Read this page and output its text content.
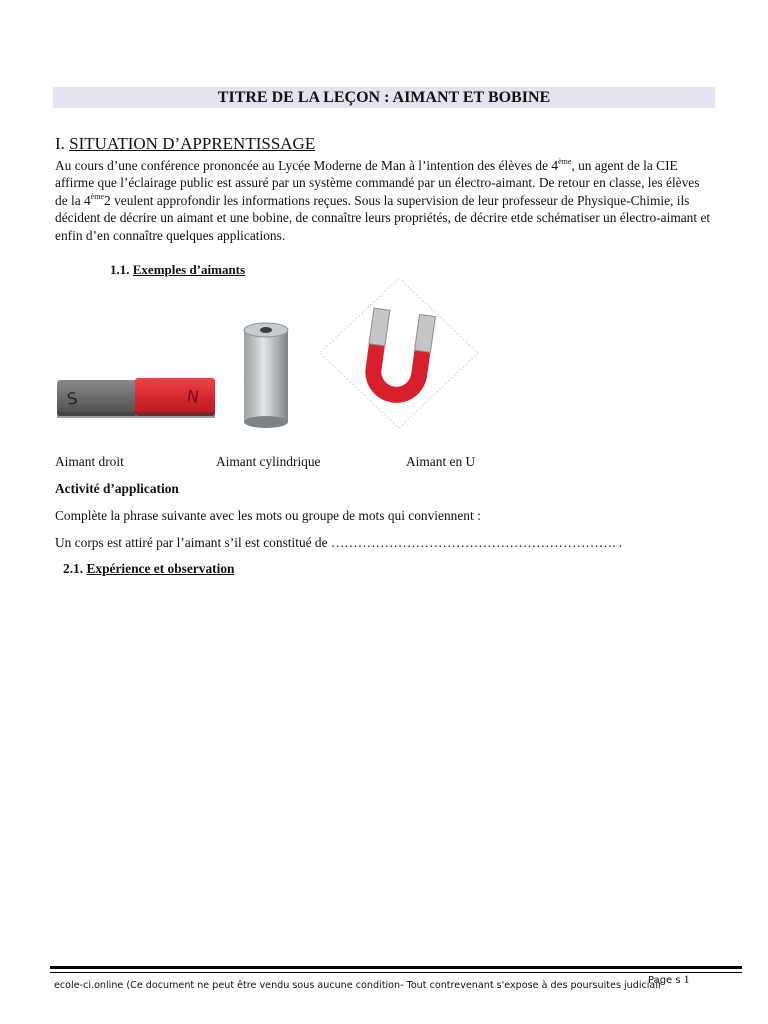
TITRE DE LA LEÇON : AIMANT ET BOBINE
I. SITUATION D’APPRENTISSAGE

Au cours d’une conférence prononcée au Lycée Moderne de Man à l’intention des élèves de 4ème, un agent de la CIE affirme que l’éclairage public est assuré par un système commandé par un électro-aimant. De retour en classe, les élèves de la 4ème2 veulent approfondir les informations reçues. Sous la supervision de leur professeur de Physique-Chimie, ils décident de décrire un aimant et une bobine, de connaître leurs propriétés, de décrire etde schématiser un électro-aimant et enfin d’en connaître quelques applications.

1.1. Exemples d’aimants
S	N
Aimant droit	Aimant cylindrique	Aimant en U
Activité d’application
Complète la phrase suivante avec les mots ou groupe de mots qui conviennent :
Un corps est attiré par l’aimant s’il est constitué de ………………………………………………………. .
2.1. Expérience et observation
ecole-ci.online (Ce document ne peut être vendu sous aucune condition- Tout contrevenant s'expose à des poursuites judiciair
Page s 1
